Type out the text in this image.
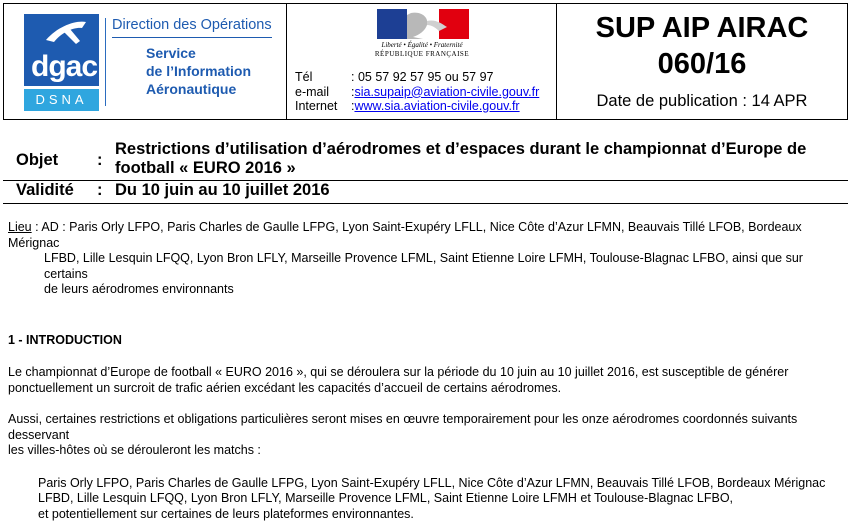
dgac
DSNA
Direction des Opérations
Service
de l’Information
Aéronautique
Liberté • Égalité • Fraternité
RÉPUBLIQUE FRANÇAISE
Tél	: 05 57 92 57 95 ou 57 97
e-mail	: sia.supaip@aviation-civile.gouv.fr
Internet	: www.sia.aviation-civile.gouv.fr
SUP AIP AIRAC
060/16
Date de publication : 14 APR
Objet :
Restrictions d’utilisation d’aérodromes et d’espaces durant le championnat d’Europe de football « EURO 2016 »
Validité : Du 10 juin au 10 juillet 2016

Lieu : AD : Paris Orly LFPO, Paris Charles de Gaulle LFPG, Lyon Saint-Exupéry LFLL, Nice Côte d’Azur LFMN, Beauvais Tillé LFOB, Bordeaux Mérignac

LFBD, Lille Lesquin LFQQ, Lyon Bron LFLY, Marseille Provence LFML, Saint Etienne Loire LFMH, Toulouse-Blagnac LFBO, ainsi que sur certains

de leurs aérodromes environnants

1 - INTRODUCTION

Le championnat d’Europe de football « EURO 2016 », qui se déroulera sur la période du 10 juin au 10 juillet 2016, est susceptible de générer

ponctuellement un surcroit de trafic aérien excédant les capacités d’accueil de certains aérodromes.

Aussi, certaines restrictions et obligations particulières seront mises en œuvre temporairement pour les onze aérodromes coordonnés suivants desservant

les villes-hôtes où se dérouleront les matchs :

Paris Orly LFPO, Paris Charles de Gaulle LFPG, Lyon Saint-Exupéry LFLL, Nice Côte d’Azur LFMN, Beauvais Tillé LFOB, Bordeaux Mérignac

LFBD, Lille Lesquin LFQQ, Lyon Bron LFLY, Marseille Provence LFML, Saint Etienne Loire LFMH et Toulouse-Blagnac LFBO,

et potentiellement sur certaines de leurs plateformes environnantes.
